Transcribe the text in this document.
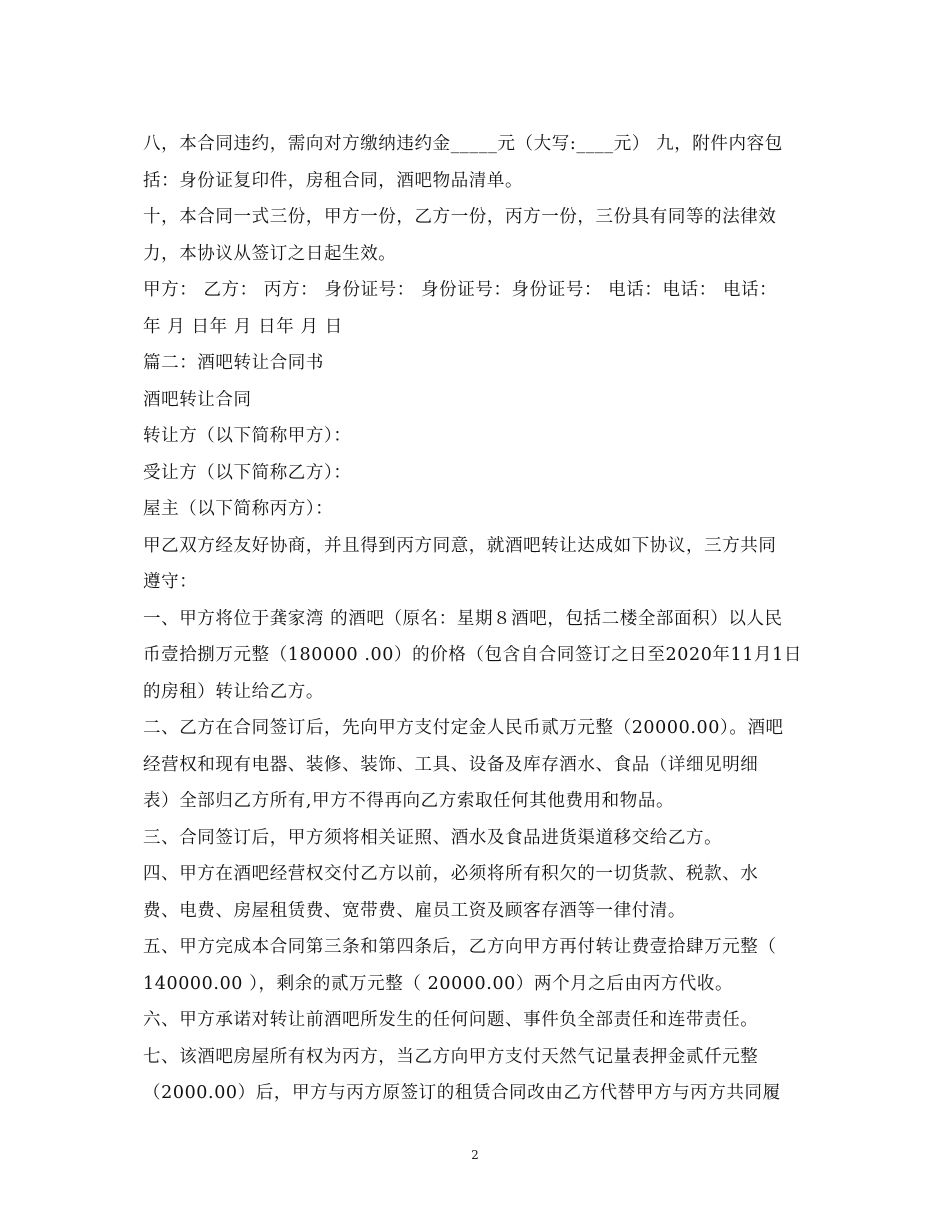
八，本合同违约，需向对方缴纳违约金_____元（大写:____元） 九，附件内容包
括：身份证复印件，房租合同，酒吧物品清单。
十，本合同一式三份，甲方一份，乙方一份，丙方一份，三份具有同等的法律效
力，本协议从签订之日起生效。
甲方： 乙方： 丙方： 身份证号： 身份证号：身份证号： 电话：电话： 电话：
年 月 日年 月 日年 月 日
篇二：酒吧转让合同书
酒吧转让合同
转让方（以下简称甲方）：
受让方（以下简称乙方）：
屋主（以下简称丙方）：
甲乙双方经友好协商，并且得到丙方同意，就酒吧转让达成如下协议，三方共同
遵守：
一、甲方将位于龚家湾 的酒吧（原名：星期８酒吧，包括二楼全部面积）以人民
币壹拾捌万元整（180000 .00）的价格（包含自合同签订之日至2020年11月1日
的房租）转让给乙方。
二、乙方在合同签订后，先向甲方支付定金人民币贰万元整（20000.00）。酒吧
经营权和现有电器、装修、装饰、工具、设备及库存酒水、食品（详细见明细
表）全部归乙方所有,甲方不得再向乙方索取任何其他费用和物品。
三、合同签订后，甲方须将相关证照、酒水及食品进货渠道移交给乙方。
四、甲方在酒吧经营权交付乙方以前，必须将所有积欠的一切货款、税款、水
费、电费、房屋租赁费、宽带费、雇员工资及顾客存酒等一律付清。
五、甲方完成本合同第三条和第四条后，乙方向甲方再付转让费壹拾肆万元整（
140000.00 ），剩余的贰万元整（ 20000.00）两个月之后由丙方代收。
六、甲方承诺对转让前酒吧所发生的任何问题、事件负全部责任和连带责任。
七、该酒吧房屋所有权为丙方，当乙方向甲方支付天然气记量表押金贰仟元整
（2000.00）后，甲方与丙方原签订的租赁合同改由乙方代替甲方与丙方共同履
2
